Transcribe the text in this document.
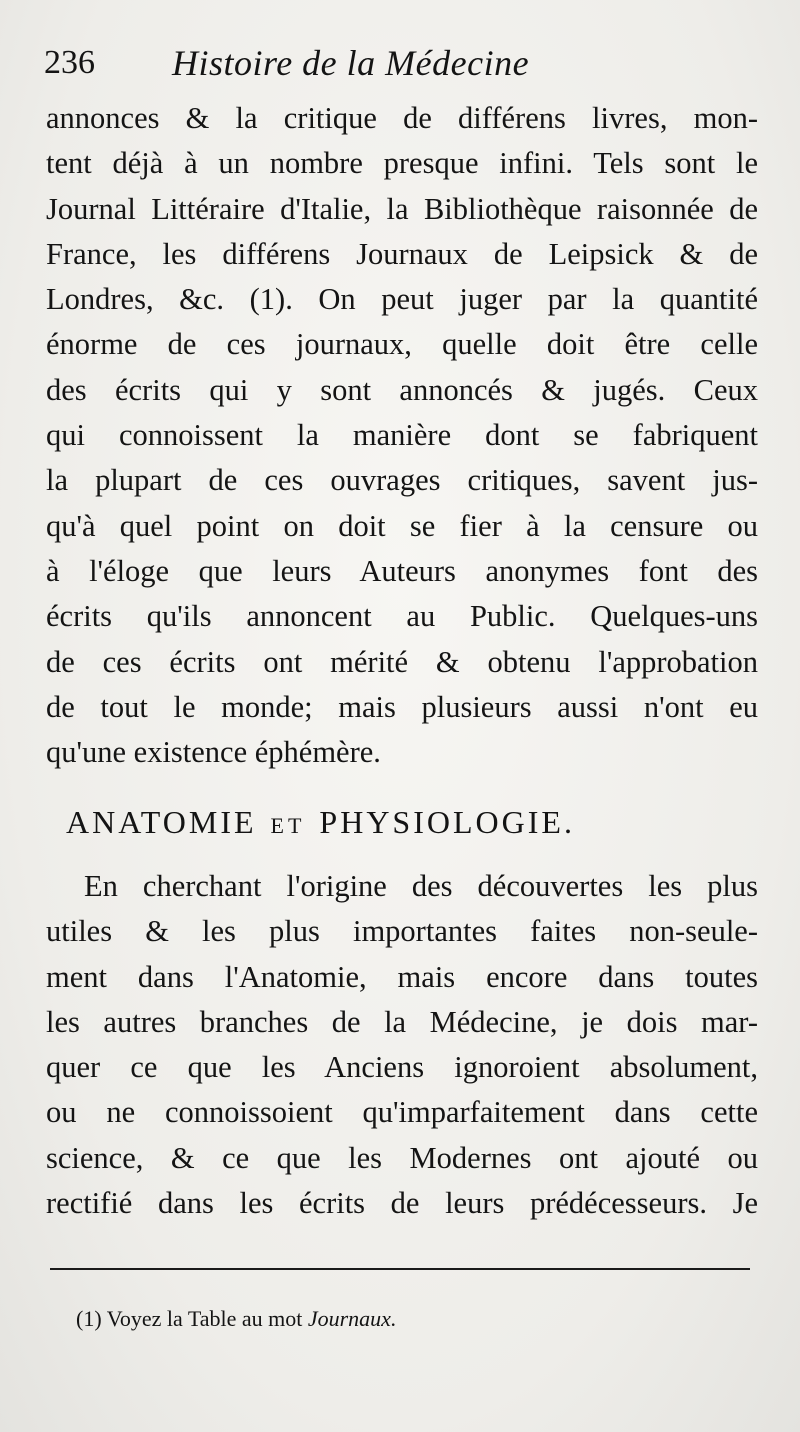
236 Histoire de la Médecine
annonces & la critique de différens livres, mon-
tent déjà à un nombre presque infini. Tels sont le
Journal Littéraire d'Italie, la Bibliothèque raisonnée de
France, les différens Journaux de Leipsick & de
Londres, &c. (1). On peut juger par la quantité
énorme de ces journaux, quelle doit être celle
des écrits qui y sont annoncés & jugés. Ceux
qui connoissent la manière dont se fabriquent
la plupart de ces ouvrages critiques, savent jus-
qu'à quel point on doit se fier à la censure ou
à l'éloge que leurs Auteurs anonymes font des
écrits qu'ils annoncent au Public. Quelques-uns
de ces écrits ont mérité & obtenu l'approbation
de tout le monde; mais plusieurs aussi n'ont eu
qu'une existence éphémère.
ANATOMIE ET PHYSIOLOGIE.
En cherchant l'origine des découvertes les plus
utiles & les plus importantes faites non-seule-
ment dans l'Anatomie, mais encore dans toutes
les autres branches de la Médecine, je dois mar-
quer ce que les Anciens ignoroient absolument,
ou ne connoissoient qu'imparfaitement dans cette
science, & ce que les Modernes ont ajouté ou
rectifié dans les écrits de leurs prédécesseurs. Je
(1) Voyez la Table au mot Journaux.
